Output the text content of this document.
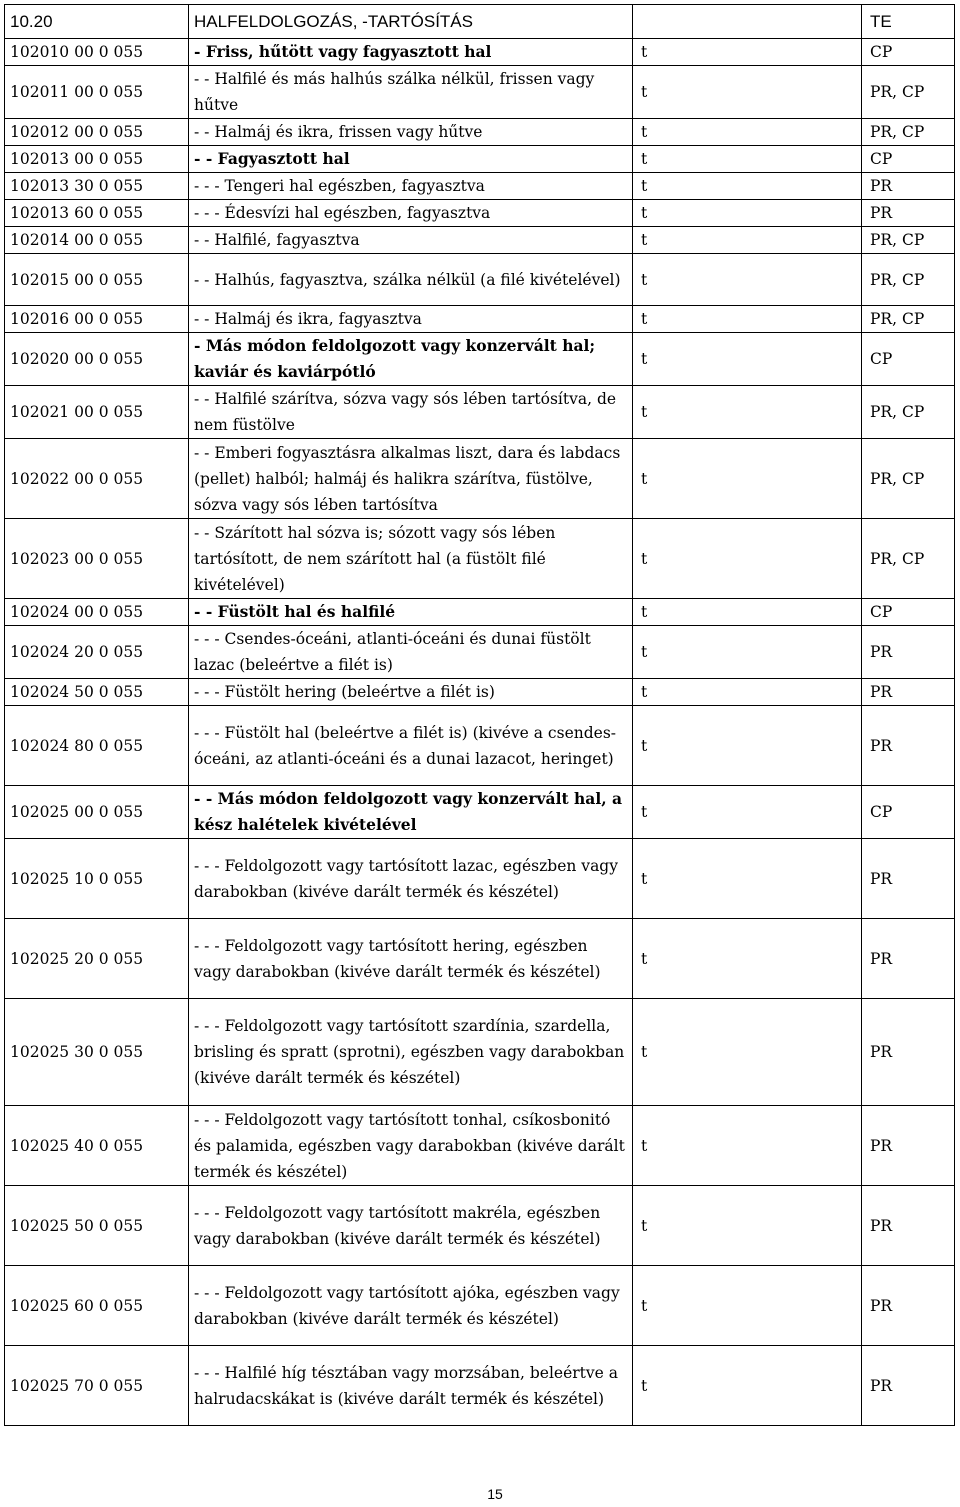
10.20	HALFELDOLGOZÁS, -TARTÓSÍTÁS		TE
102010 00 0 055	- Friss, hűtött vagy fagyasztott hal	t	CP
102011 00 0 055	- - Halfilé és más halhús szálka nélkül, frissen vagy hűtve	t	PR, CP
102012 00 0 055	- - Halmáj és ikra, frissen vagy hűtve	t	PR, CP
102013 00 0 055	- - Fagyasztott hal	t	CP
102013 30 0 055	- - - Tengeri hal egészben, fagyasztva	t	PR
102013 60 0 055	- - - Édesvízi hal egészben, fagyasztva	t	PR
102014 00 0 055	- - Halfilé, fagyasztva	t	PR, CP
102015 00 0 055	- - Halhús, fagyasztva, szálka nélkül (a filé kivételével)	t	PR, CP
102016 00 0 055	- - Halmáj és ikra, fagyasztva	t	PR, CP
102020 00 0 055	- Más módon feldolgozott vagy konzervált hal; kaviár és kaviárpótló	t	CP
102021 00 0 055	- - Halfilé szárítva, sózva vagy sós lében tartósítva, de nem füstölve	t	PR, CP
102022 00 0 055	- - Emberi fogyasztásra alkalmas liszt, dara és labdacs (pellet) halból; halmáj és halikra szárítva, füstölve, sózva vagy sós lében tartósítva	t	PR, CP
102023 00 0 055	- - Szárított hal sózva is; sózott vagy sós lében tartósított, de nem szárított hal (a füstölt filé kivételével)	t	PR, CP
102024 00 0 055	- - Füstölt hal és halfilé	t	CP
102024 20 0 055	- - - Csendes-óceáni, atlanti-óceáni és dunai füstölt lazac (beleértve a filét is)	t	PR
102024 50 0 055	- - - Füstölt hering (beleértve a filét is)	t	PR
102024 80 0 055	- - - Füstölt hal (beleértve a filét is) (kivéve a csendes-óceáni, az atlanti-óceáni és a dunai lazacot, heringet)	t	PR
102025 00 0 055	- - Más módon feldolgozott vagy konzervált hal, a kész halételek kivételével	t	CP
102025 10 0 055	- - - Feldolgozott vagy tartósított lazac, egészben vagy darabokban (kivéve darált termék és készétel)	t	PR
102025 20 0 055	- - - Feldolgozott vagy tartósított hering, egészben vagy darabokban (kivéve darált termék és készétel)	t	PR
102025 30 0 055	- - - Feldolgozott vagy tartósított szardínia, szardella, brisling és spratt (sprotni), egészben vagy darabokban (kivéve darált termék és készétel)	t	PR
102025 40 0 055	- - - Feldolgozott vagy tartósított tonhal, csíkosbonitó és palamida, egészben vagy darabokban (kivéve darált termék és készétel)	t	PR
102025 50 0 055	- - - Feldolgozott vagy tartósított makréla, egészben vagy darabokban (kivéve darált termék és készétel)	t	PR
102025 60 0 055	- - - Feldolgozott vagy tartósított ajóka, egészben vagy darabokban (kivéve darált termék és készétel)	t	PR
102025 70 0 055	- - - Halfilé híg tésztában vagy morzsában, beleértve a halrudacskákat is (kivéve darált termék és készétel)	t	PR
15
